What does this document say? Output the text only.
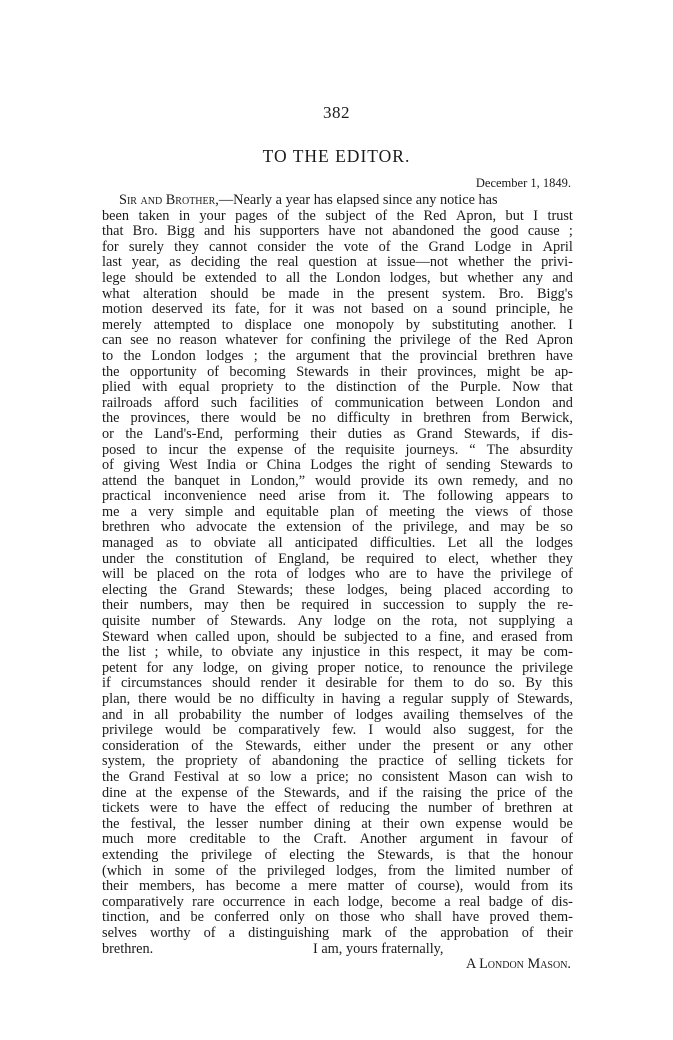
382
TO THE EDITOR.
December 1, 1849.
Sir and Brother,—Nearly a year has elapsed since any notice has
been taken in your pages of the subject of the Red Apron, but I trust
that Bro. Bigg and his supporters have not abandoned the good cause ;
for surely they cannot consider the vote of the Grand Lodge in April
last year, as deciding the real question at issue—not whether the privi-
lege should be extended to all the London lodges, but whether any and
what alteration should be made in the present system. Bro. Bigg's
motion deserved its fate, for it was not based on a sound principle, he
merely attempted to displace one monopoly by substituting another. I
can see no reason whatever for confining the privilege of the Red Apron
to the London lodges ; the argument that the provincial brethren have
the opportunity of becoming Stewards in their provinces, might be ap-
plied with equal propriety to the distinction of the Purple. Now that
railroads afford such facilities of communication between London and
the provinces, there would be no difficulty in brethren from Berwick,
or the Land's-End, performing their duties as Grand Stewards, if dis-
posed to incur the expense of the requisite journeys. “ The absurdity
of giving West India or China Lodges the right of sending Stewards to
attend the banquet in London,” would provide its own remedy, and no
practical inconvenience need arise from it. The following appears to
me a very simple and equitable plan of meeting the views of those
brethren who advocate the extension of the privilege, and may be so
managed as to obviate all anticipated difficulties. Let all the lodges
under the constitution of England, be required to elect, whether they
will be placed on the rota of lodges who are to have the privilege of
electing the Grand Stewards; these lodges, being placed according to
their numbers, may then be required in succession to supply the re-
quisite number of Stewards. Any lodge on the rota, not supplying a
Steward when called upon, should be subjected to a fine, and erased from
the list ; while, to obviate any injustice in this respect, it may be com-
petent for any lodge, on giving proper notice, to renounce the privilege
if circumstances should render it desirable for them to do so. By this
plan, there would be no difficulty in having a regular supply of Stewards,
and in all probability the number of lodges availing themselves of the
privilege would be comparatively few. I would also suggest, for the
consideration of the Stewards, either under the present or any other
system, the propriety of abandoning the practice of selling tickets for
the Grand Festival at so low a price; no consistent Mason can wish to
dine at the expense of the Stewards, and if the raising the price of the
tickets were to have the effect of reducing the number of brethren at
the festival, the lesser number dining at their own expense would be
much more creditable to the Craft. Another argument in favour of
extending the privilege of electing the Stewards, is that the honour
(which in some of the privileged lodges, from the limited number of
their members, has become a mere matter of course), would from its
comparatively rare occurrence in each lodge, become a real badge of dis-
tinction, and be conferred only on those who shall have proved them-
selves worthy of a distinguishing mark of the approbation of their
brethren.	I am, yours fraternally,
A London Mason.
